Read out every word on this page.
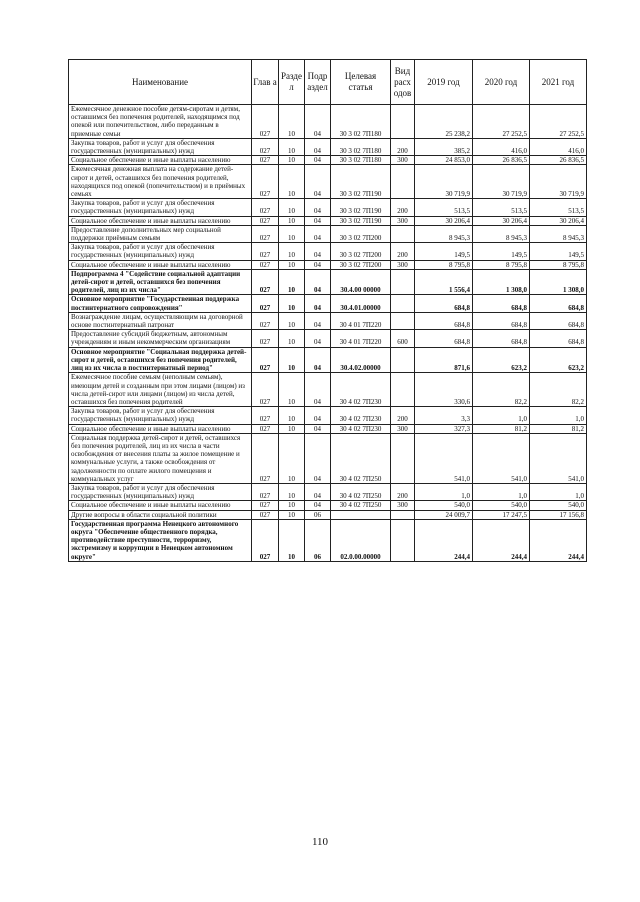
Наименование	Глав а	Разде л	Подр аздел	Целевая статья	Вид расх одов	2019 год	2020 год	2021 год
Ежемесячное денежное пособие детям-сиротам и детям, оставшимся без попечения родителей, находящимся под опекой или попечительством, либо переданным в приемные семьи	027	10	04	30 3 02 7П180		25 238,2	27 252,5	27 252,5
Закупка товаров, работ и услуг для обеспечения государственных (муниципальных) нужд	027	10	04	30 3 02 7П180	200	385,2	416,0	416,0
Социальное обеспечение и иные выплаты населению	027	10	04	30 3 02 7П180	300	24 853,0	26 836,5	26 836,5
Ежемесячная денежная выплата на содержание детей-сирот и детей, оставшихся без попечения родителей, находящихся под опекой (попечительством) и в приёмных семьях	027	10	04	30 3 02 7П190		30 719,9	30 719,9	30 719,9
Закупка товаров, работ и услуг для обеспечения государственных (муниципальных) нужд	027	10	04	30 3 02 7П190	200	513,5	513,5	513,5
Социальное обеспечение и иные выплаты населению	027	10	04	30 3 02 7П190	300	30 206,4	30 206,4	30 206,4
Предоставление дополнительных мер социальной поддержки приёмным семьям	027	10	04	30 3 02 7П200		8 945,3	8 945,3	8 945,3
Закупка товаров, работ и услуг для обеспечения государственных (муниципальных) нужд	027	10	04	30 3 02 7П200	200	149,5	149,5	149,5
Социальное обеспечение и иные выплаты населению	027	10	04	30 3 02 7П200	300	8 795,8	8 795,8	8 795,8
Подпрограмма 4 "Содействие социальной адаптации детей-сирот и детей, оставшихся без попечения родителей, лиц из их числа"	027	10	04	30.4.00 00000		1 556,4	1 308,0	1 308,0
Основное мероприятие "Государственная поддержка постинтернатного сопровождения"	027	10	04	30.4.01.00000		684,8	684,8	684,8
Вознаграждение лицам, осуществляющим на договорной основе постинтернатный патронат	027	10	04	30 4 01 7П220		684,8	684,8	684,8
Предоставление субсидий бюджетным, автономным учреждениям и иным некоммерческим организациям	027	10	04	30 4 01 7П220	600	684,8	684,8	684,8
Основное мероприятие "Социальная поддержка детей-сирот и детей, оставшихся без попечения родителей, лиц из их числа в постинтернатный период"	027	10	04	30.4.02.00000		871,6	623,2	623,2
Ежемесячное пособие семьям (неполным семьям), имеющим детей и созданным при этом лицами (лицом) из числа детей-сирот или лицами (лицом) из числа детей, оставшихся без попечения родителей	027	10	04	30 4 02 7П230		330,6	82,2	82,2
Закупка товаров, работ и услуг для обеспечения государственных (муниципальных) нужд	027	10	04	30 4 02 7П230	200	3,3	1,0	1,0
Социальное обеспечение и иные выплаты населению	027	10	04	30 4 02 7П230	300	327,3	81,2	81,2
Социальная поддержка детей-сирот и детей, оставшихся без попечения родителей, лиц из их числа в части освобождения от внесения платы за жилое помещение и коммунальные услуги, а также освобождения от задолженности по оплате жилого помещения и коммунальных услуг	027	10	04	30 4 02 7П250		541,0	541,0	541,0
Закупка товаров, работ и услуг для обеспечения государственных (муниципальных) нужд	027	10	04	30 4 02 7П250	200	1,0	1,0	1,0
Социальное обеспечение и иные выплаты населению	027	10	04	30 4 02 7П250	300	540,0	540,0	540,0
Другие вопросы в области социальной политики	027	10	06			24 009,7	17 247,5	17 156,8
Государственная программа Ненецкого автономного округа "Обеспечение общественного порядка, противодействие преступности, терроризму, экстремизму и коррупции в Ненецком автономном округе"	027	10	06	02.0.00.00000		244,4	244,4	244,4
110
